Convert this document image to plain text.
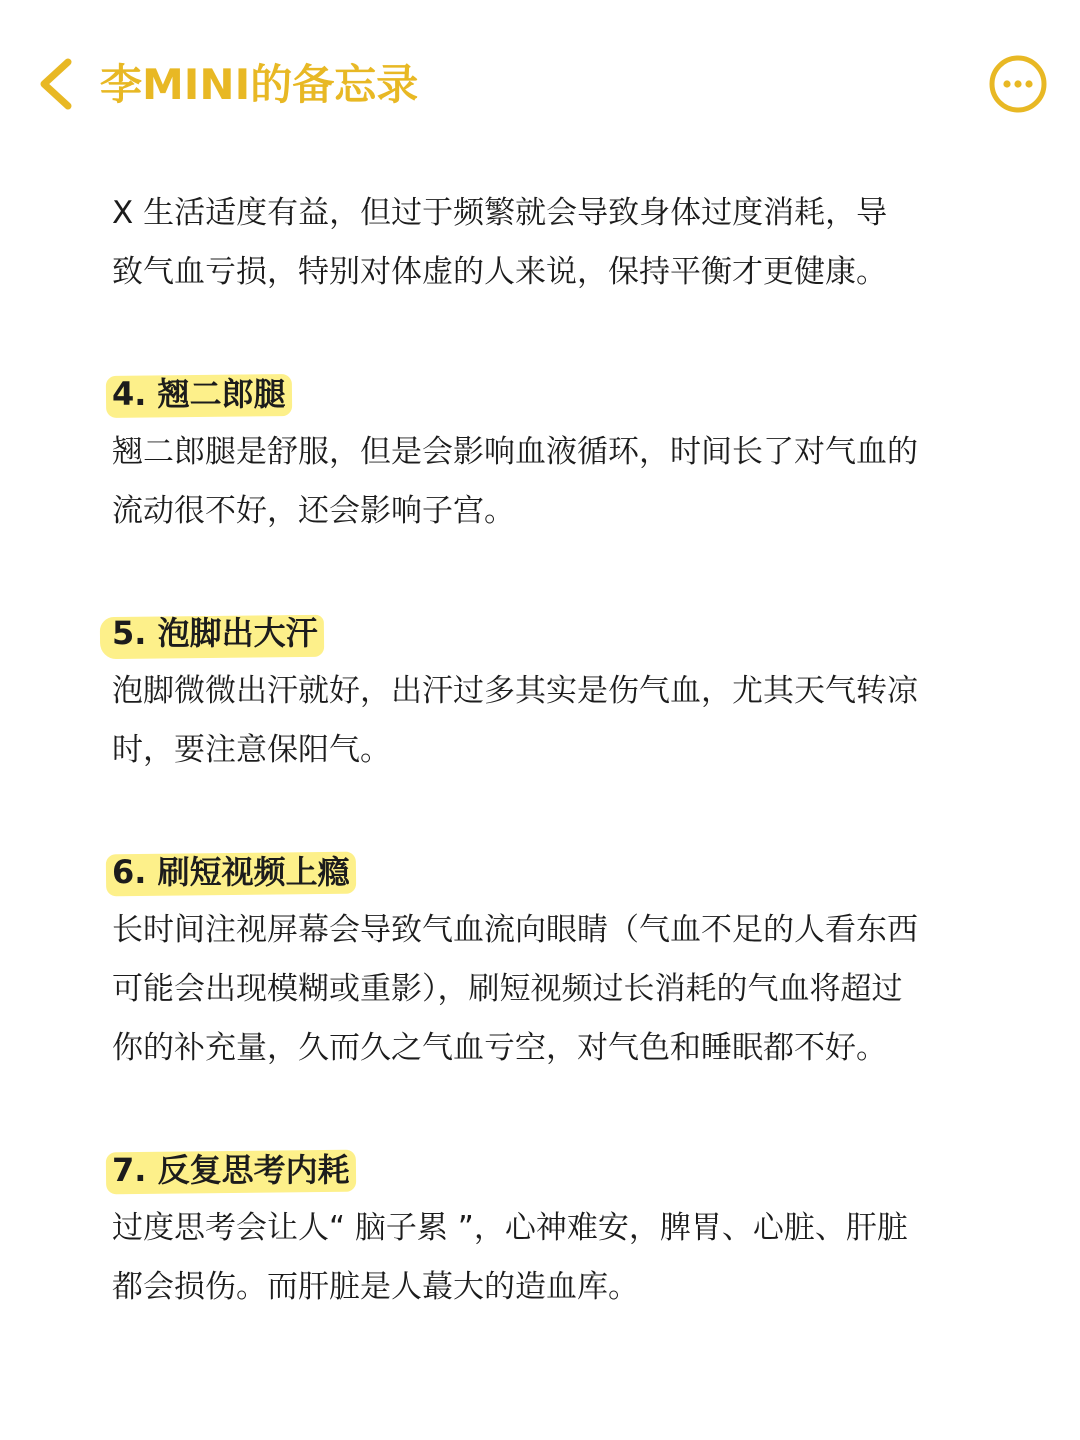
李MINI的备忘录

X 生活适度有益，但过于频繁就会导致身体过度消耗，导
致气血亏损，特别对体虚的人来说，保持平衡才更健康。

4. 翘二郎腿

翘二郎腿是舒服，但是会影响血液循环，时间长了对气血的
流动很不好，还会影响子宫。

5. 泡脚出大汗

泡脚微微出汗就好，出汗过多其实是伤气血，尤其天气转凉
时，要注意保阳气。

6. 刷短视频上瘾

长时间注视屏幕会导致气血流向眼睛（气血不足的人看东西
可能会出现模糊或重影），刷短视频过长消耗的气血将超过
你的补充量，久而久之气血亏空，对气色和睡眠都不好。

7. 反复思考内耗

过度思考会让人“ 脑子累 ”，心神难安，脾胃、心脏、肝脏
都会损伤。而肝脏是人蕞大的造血库。
